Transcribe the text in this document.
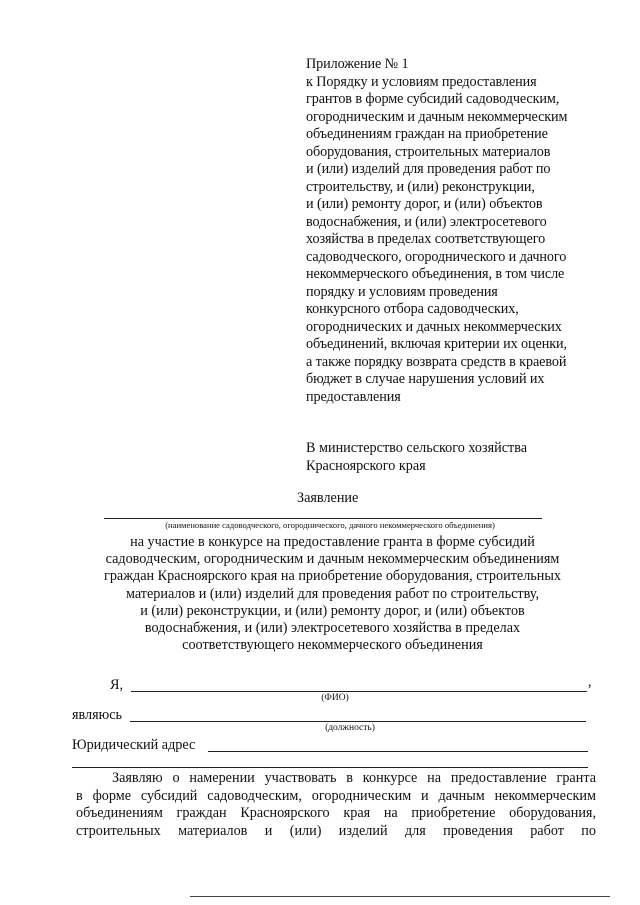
Приложение № 1
к Порядку и условиям предоставления
грантов в форме субсидий садоводческим,
огородническим и дачным некоммерческим
объединениям граждан на приобретение
оборудования, строительных материалов
и (или) изделий для проведения работ по
строительству, и (или) реконструкции,
и (или) ремонту дорог, и (или) объектов
водоснабжения, и (или) электросетевого
хозяйства в пределах соответствующего
садоводческого, огороднического и дачного
некоммерческого объединения, в том числе
порядку и условиям проведения
конкурсного отбора садоводческих,
огороднических и дачных некоммерческих
объединений, включая критерии их оценки,
а также порядку возврата средств в краевой
бюджет в случае нарушения условий их
предоставления
В министерство сельского хозяйства
Красноярского края
Заявление
(наименование садоводческого, огороднического, дачного некоммерческого объединения)
на участие в конкурсе на предоставление гранта в форме субсидий
садоводческим, огородническим и дачным некоммерческим объединениям
граждан Красноярского края на приобретение оборудования, строительных
материалов и (или) изделий для проведения работ по строительству,
и (или) реконструкции, и (или) ремонту дорог, и (или) объектов
водоснабжения, и (или) электросетевого хозяйства в пределах
соответствующего некоммерческого объединения
Я,	,
(ФИО)
являюсь
(должность)
Юридический адрес
Заявляю о намерении участвовать в конкурсе на предоставление гранта
в форме субсидий садоводческим, огородническим и дачным некоммерческим
объединениям граждан Красноярского края на приобретение оборудования,
строительных материалов и (или) изделий для проведения работ по
